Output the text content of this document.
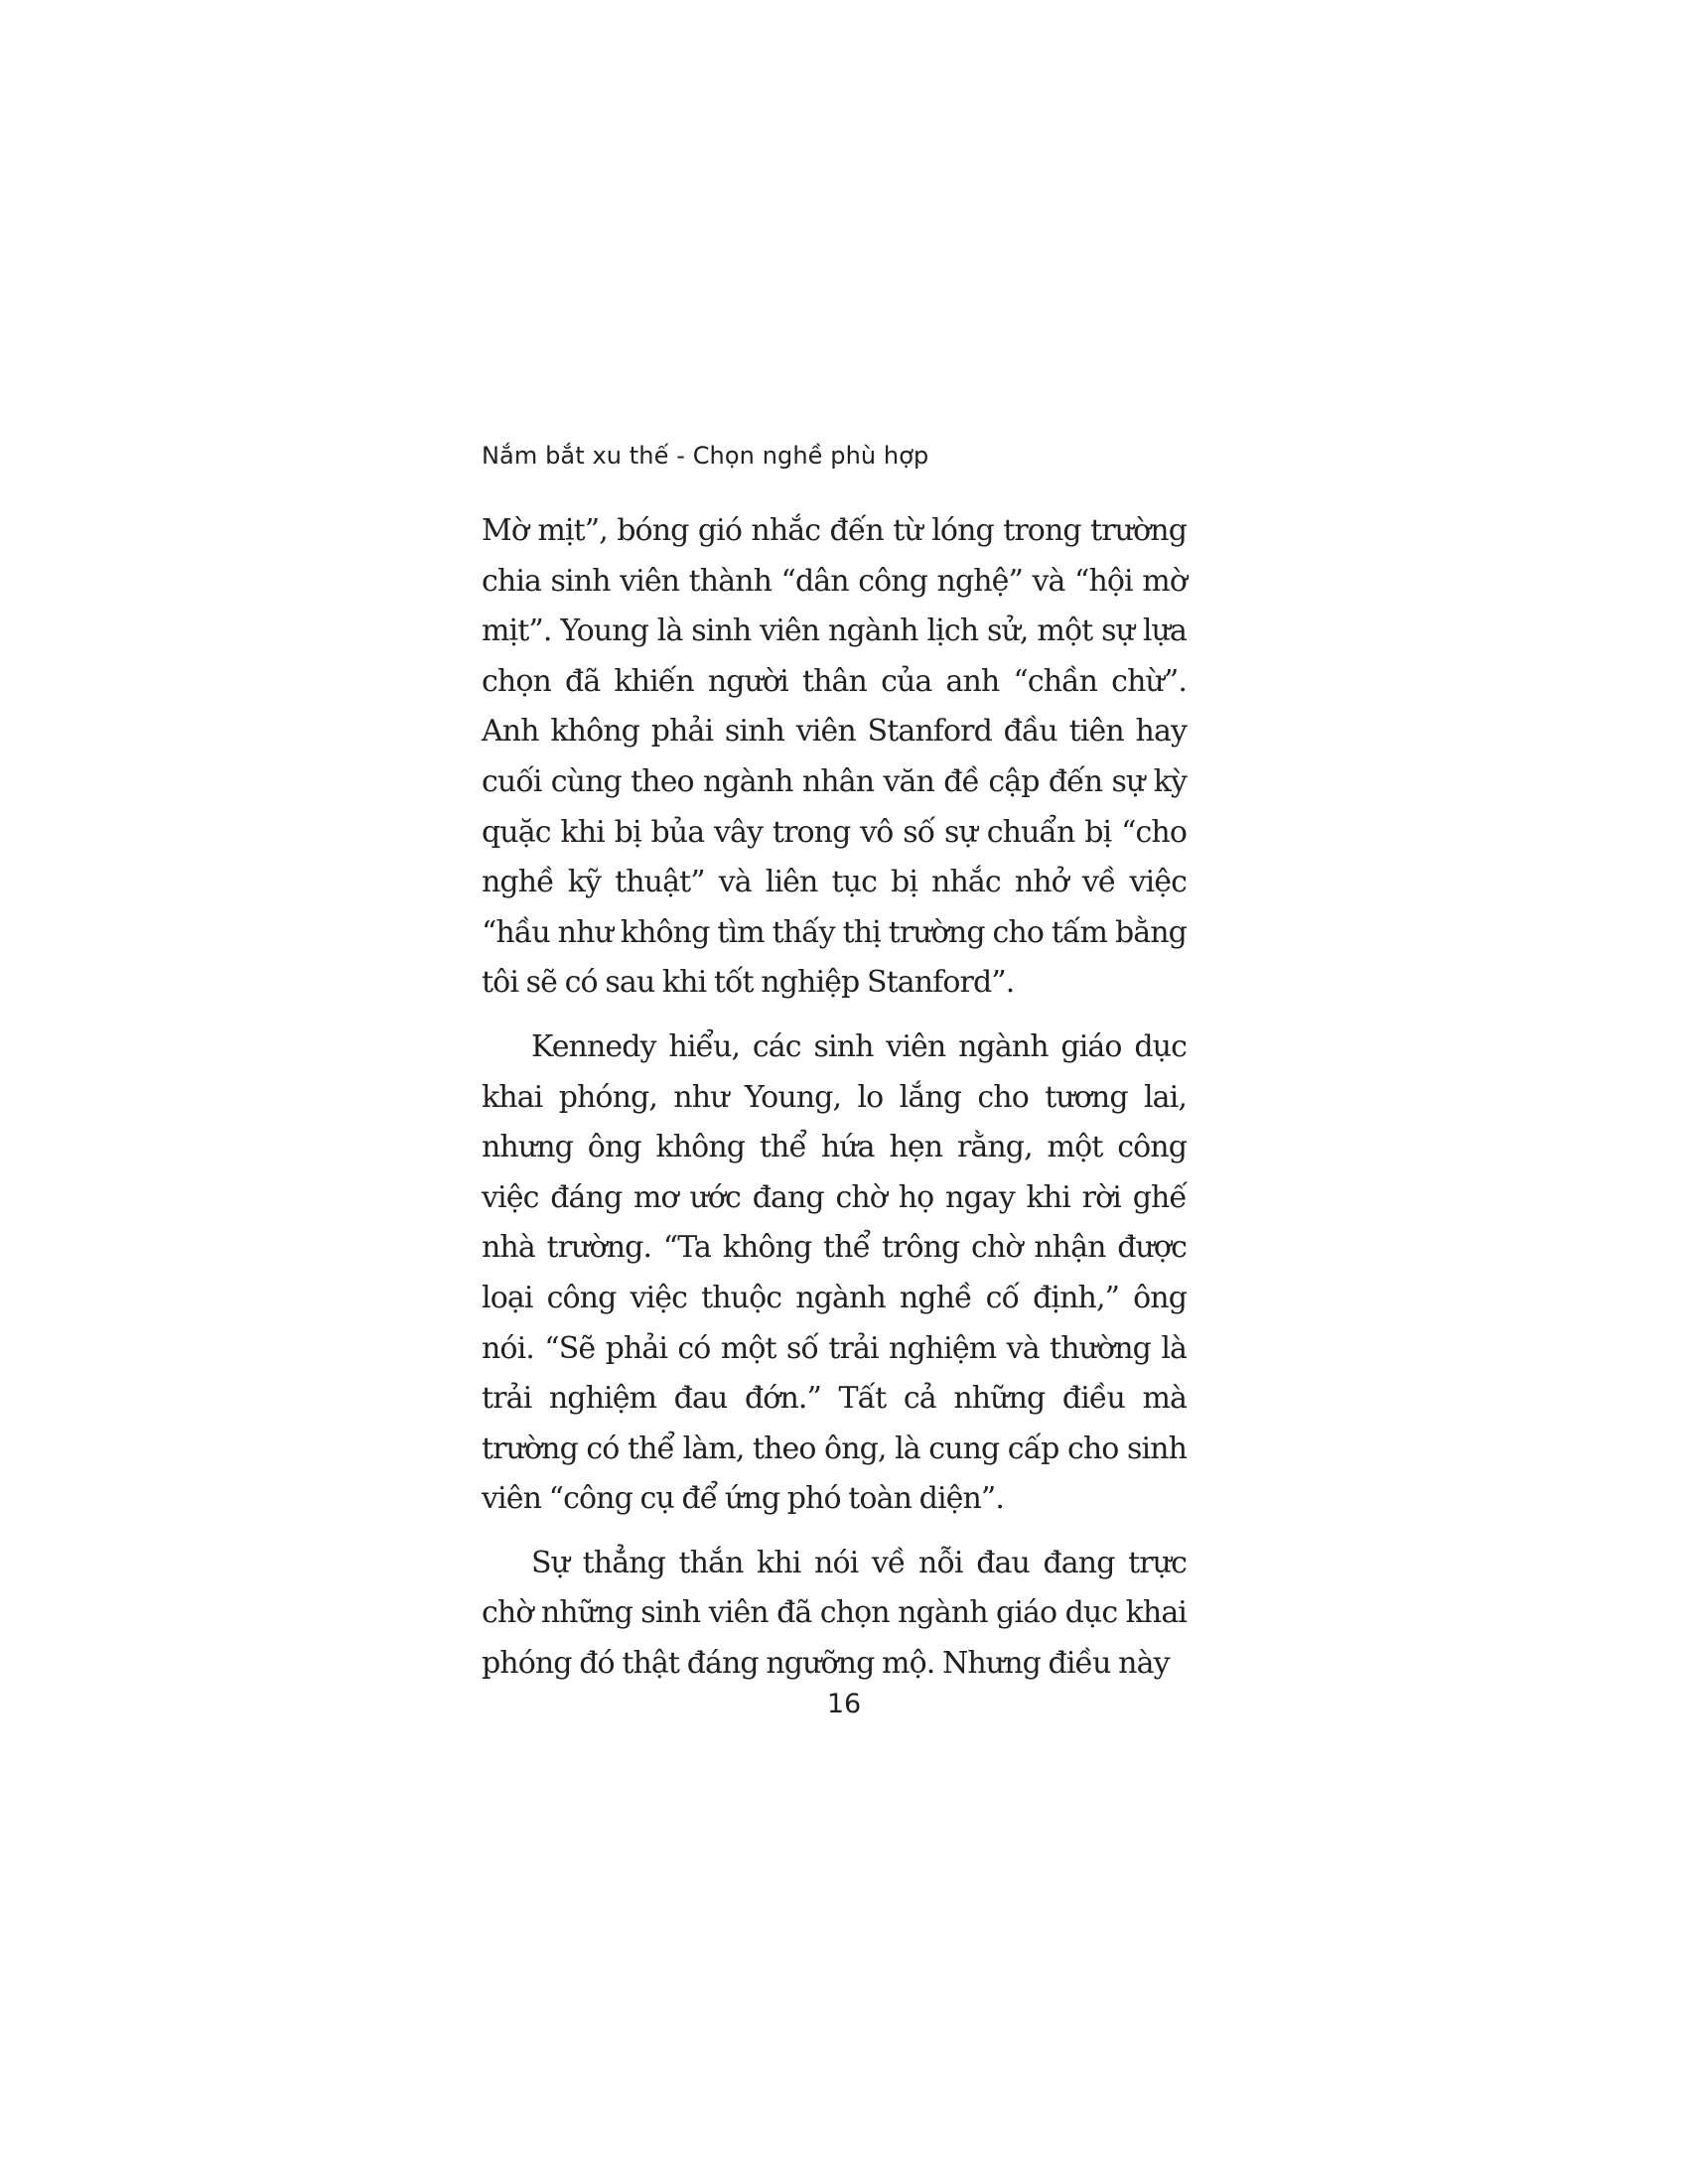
Nắm bắt xu thế - Chọn nghề phù hợp

Mờ mịt”, bóng gió nhắc đến từ lóng trong trường chia sinh viên thành “dân công nghệ” và “hội mờ mịt”. Young là sinh viên ngành lịch sử, một sự lựa chọn đã khiến người thân của anh “chần chừ”. Anh không phải sinh viên Stanford đầu tiên hay cuối cùng theo ngành nhân văn đề cập đến sự kỳ quặc khi bị bủa vây trong vô số sự chuẩn bị “cho nghề kỹ thuật” và liên tục bị nhắc nhở về việc “hầu như không tìm thấy thị trường cho tấm bằng tôi sẽ có sau khi tốt nghiệp Stanford”.

Kennedy hiểu, các sinh viên ngành giáo dục khai phóng, như Young, lo lắng cho tương lai, nhưng ông không thể hứa hẹn rằng, một công việc đáng mơ ước đang chờ họ ngay khi rời ghế nhà trường. “Ta không thể trông chờ nhận được loại công việc thuộc ngành nghề cố định,” ông nói. “Sẽ phải có một số trải nghiệm và thường là trải nghiệm đau đớn.” Tất cả những điều mà trường có thể làm, theo ông, là cung cấp cho sinh viên “công cụ để ứng phó toàn diện”.

Sự thẳng thắn khi nói về nỗi đau đang trực chờ những sinh viên đã chọn ngành giáo dục khai phóng đó thật đáng ngưỡng mộ. Nhưng điều này

16
